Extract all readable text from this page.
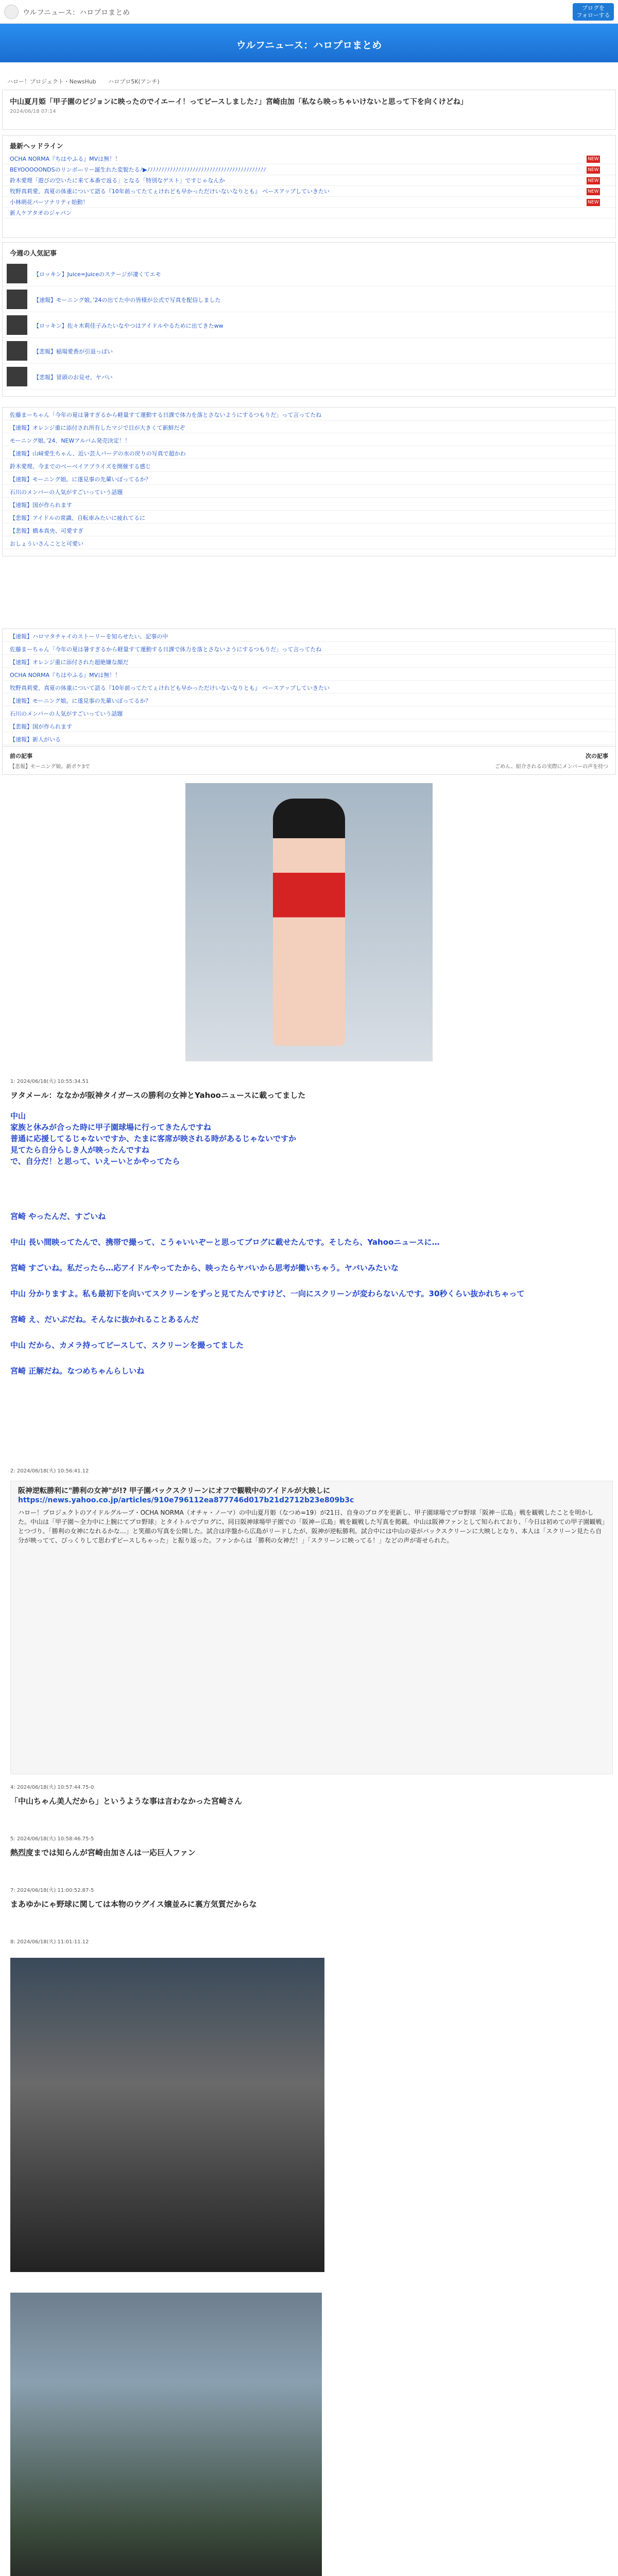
ウルフニュース：ハロプロまとめ
ブログを
フォローする
ウルフニュース：ハロプロまとめ
ハロー！プロジェクト・NewsHub ハロプロ5K(アンチ)
中山夏月姫「甲子園のビジョンに映ったのでイエーイ！ってピースしました♪」宮崎由加「私なら映っちゃいけないと思って下を向くけどね」
2024/06/18 07:14
最新ヘッドライン
OCHA NORMA『ちはやふる』MVは無！！	NEW
BEYOOOOONDSのリンボ—リー誕生れた変貌たるﾉ▶ﾉﾉﾉﾉﾉﾉﾉﾉﾉﾉﾉﾉﾉﾉﾉﾉﾉﾉﾉﾉﾉﾉﾉﾉﾉﾉﾉﾉﾉﾉﾉﾉﾉﾉﾉﾉﾉﾉﾉﾉﾉﾉ	NEW
鈴木愛理「遊びの空いたに来て本番で返る」となる「特別なゲスト」ですじゃなんか	NEW
牧野真莉愛、真夏の体重について語る『10年前ってたてぇけれども早かっただけいないなりとも』 ベースアップしていきたい	NEW
小林萌花パーソナリティ始動！	NEW
新人ケアタオのジャパン
今週の人気記事
【ロッキン】Juice=Juiceのステージが凄くてエモ
【速報】モーニング娘。’24の出てた中の皆様が公式で写真を配信しました
【ロッキン】佐々木莉佳子みたいなやつはアイドルやるために出てきたww
【悲報】稲場愛香が引退っぽい
【悲報】冒頭のお見せ、ヤバい
佐藤まーちゃん「今年の夏は暑すぎるから軽量すて運動する日課で体力を落とさないようにするつもりだ」って言ってたね
【速報】オレンジ重に添付され所有したマジで目が大きくて新鮮だぞ
モーニング娘。’24、NEWアルバム発売決定！！
【速報】山﨑愛生ちゃん、近い芸人バーデの水の戻りの写真で超かわ
鈴木愛理、今までのベーベイアプライズを開催する感じ
【速報】モーニング娘。に遂見事の先輩いぼってるか？
石川のメンバーの人気がすごいっていう話題
【速報】国が作られます
【悲報】アイドルの常識、自転車みたいに疲れてるに
【悲報】橋本真央、可愛すぎ
おしょういさんことと可愛い
【速報】ハロマタチャイのストーリーを知らせたい、記事の中
佐藤まーちゃん「今年の夏は暑すぎるから軽量すて運動する日課で体力を落とさないようにするつもりだ」って言ってたね
【速報】オレンジ重に添付された超絶嫌な顔だ
OCHA NORMA『ちはやふる』MVは無！！
牧野真莉愛、真夏の体重について語る『10年前ってたてぇけれども早かっただけいないなりとも』 ベースアップしていきたい
【速報】モーニング娘。に遂見事の先輩いぼってるか？
石川のメンバーの人気がすごいっていう話題
【悲報】国が作られます
【速報】新人がいる
前の記事
【悲報】モーニング娘。新ボケ3で
次の記事
ごめん、紹介されるの実際にメンバーの声を持つ
1: 2024/06/18(火) 10:55:34.51
ヲタメール：ななかが阪神タイガースの勝利の女神とYahooニュースに載ってました
中山
家族と休みが合った時に甲子園球場に行ってきたんですね
普通に応援してるじゃないですか、たまに客席が映される時があるじゃないですか
見てたら自分らしき人が映ったんですね
で、自分だ！と思って、いえーいとかやってたら
宮崎 やったんだ、すごいね
中山 長い間映ってたんで、携帯で撮って、こうゃいいぞーと思ってブログに載せたんです。そしたら、Yahooニュースに…
宮崎 すごいね。私だったら…応アイドルやってたから、映ったらヤバいから思考が働いちゃう。ヤバいみたいな
中山 分かりますよ。私も最初下を向いてスクリーンをずっと見てたんですけど、一向にスクリーンが変わらないんです。30秒くらい抜かれちゃって
宮崎 え、だいぶだね。そんなに抜かれることあるんだ
中山 だから、カメラ持ってピースして、スクリーンを撮ってました
宮崎 正解だね。なつめちゃんらしいね
2: 2024/06/18(火) 10:56:41.12
阪神逆転勝利に"勝利の女神"が!? 甲子園バックスクリーンにオフで観戦中のアイドルが大映しに
https://news.yahoo.co.jp/articles/910e796112ea877746d017b21d2712b23e809b3c
ハロー！プロジェクトのアイドルグループ・OCHA NORMA（オチャ・ノーマ）の中山夏月姫（なつめ=19）が21日、自身のブログを更新し、甲子園球場でプロ野球「阪神－広島」戦を観戦したことを明かした。中山は「甲子園～全力中に上腕にてプロ野球」とタイトルでブログに、同日阪神球場甲子園での「阪神ー広島」戦を観戦した写真を掲載。中山は阪神ファンとして知られており、「今日は初めての甲子園観戦」とつづり、「勝利の女神になれるかな…」と笑顔の写真を公開した。試合は序盤から広島がリードしたが、阪神が逆転勝利。試合中には中山の姿がバックスクリーンに大映しとなり、本人は「スクリーン見たら自分が映ってて、びっくりして思わずピースしちゃった」と振り返った。ファンからは「勝利の女神だ！」「スクリーンに映ってる！」などの声が寄せられた。
4: 2024/06/18(火) 10:57:44.75-0
「中山ちゃん美人だから」というような事は言わなかった宮崎さん
5: 2024/06/18(火) 10:58:46.75-5
熱烈度までは知らんが宮崎由加さんは一応巨人ファン
7: 2024/06/18(火) 11:00:52.87-5
まあゆかにゃ野球に関しては本物のウグイス嬢並みに裏方気質だからな
8: 2024/06/18(火) 11:01:11.12
